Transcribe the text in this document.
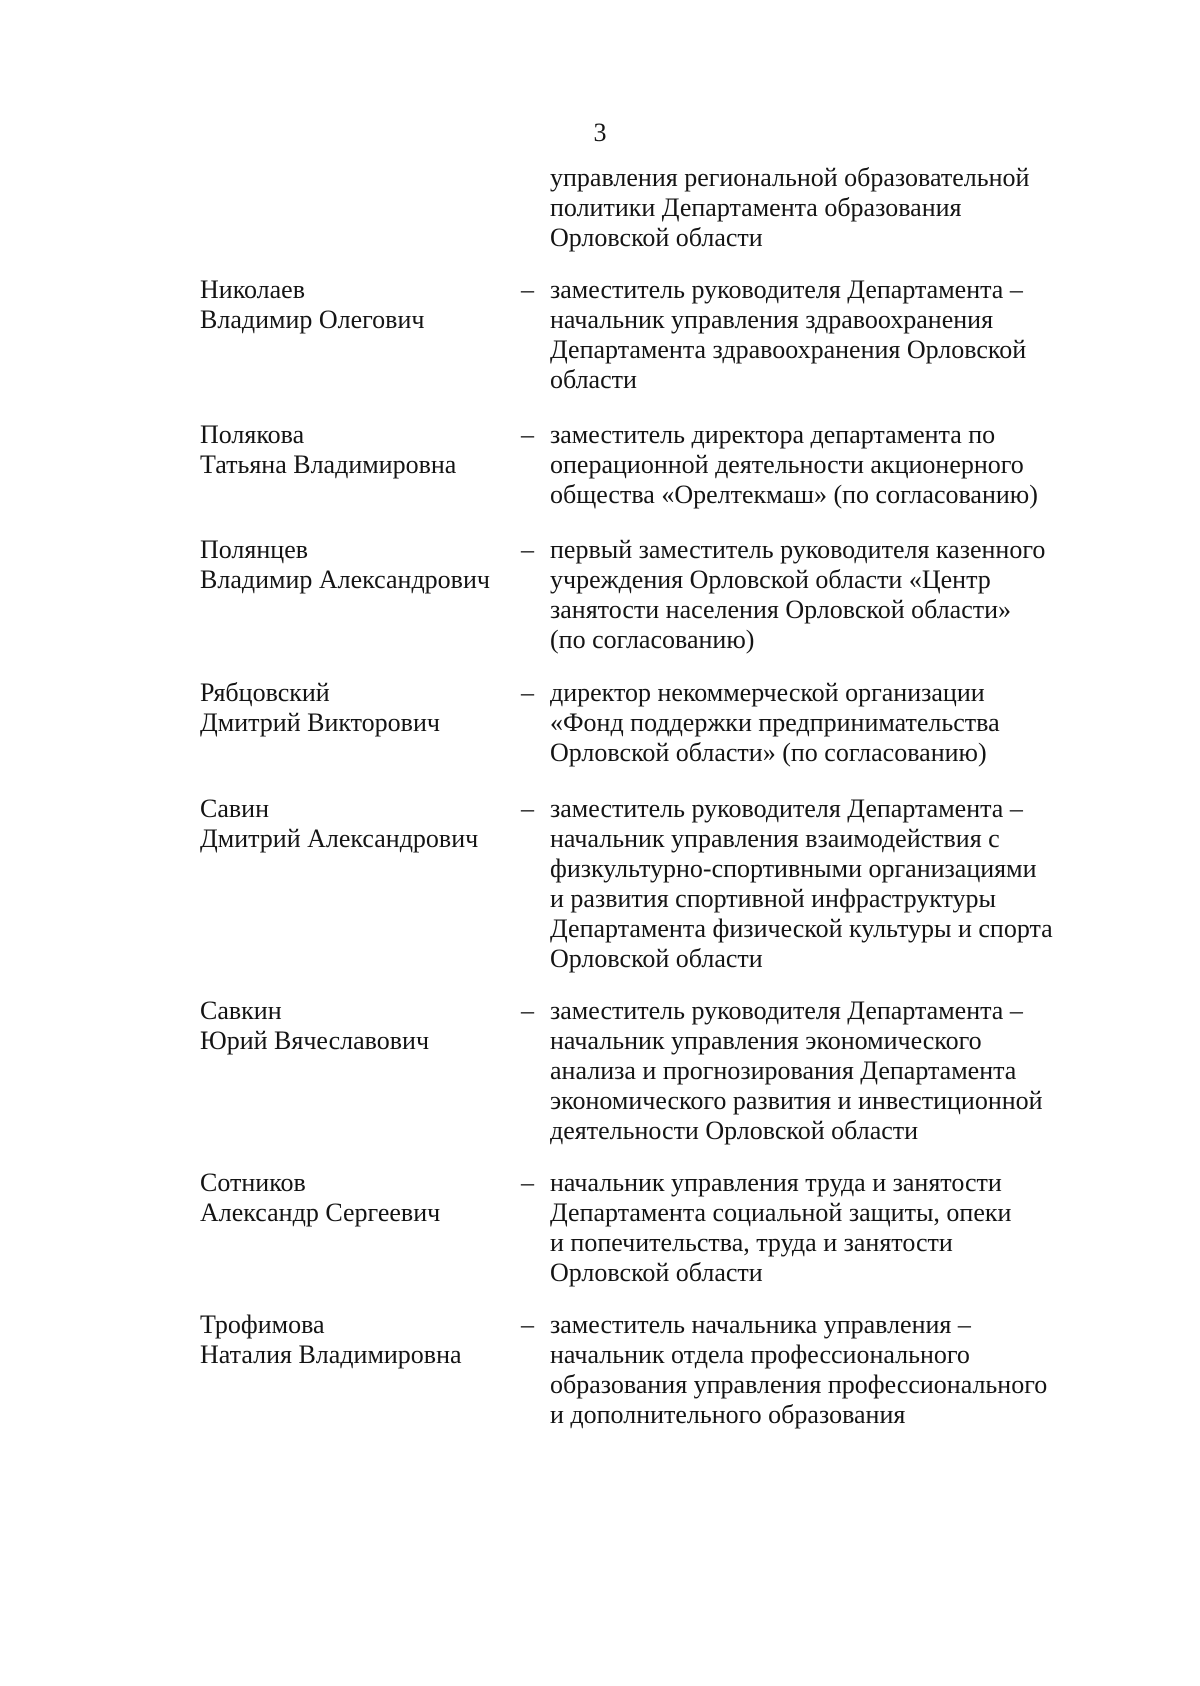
3
управления региональной образовательной
политики Департамента образования
Орловской области
Николаев
Владимир Олегович
– заместитель руководителя Департамента –
начальник управления здравоохранения
Департамента здравоохранения Орловской
области
Полякова
Татьяна Владимировна
– заместитель директора департамента по
операционной деятельности акционерного
общества «Орелтекмаш» (по согласованию)
Полянцев
Владимир Александрович
– первый заместитель руководителя казенного
учреждения Орловской области «Центр
занятости населения Орловской области»
(по согласованию)
Рябцовский
Дмитрий Викторович
– директор некоммерческой организации
«Фонд поддержки предпринимательства
Орловской области» (по согласованию)
Савин
Дмитрий Александрович
– заместитель руководителя Департамента –
начальник управления взаимодействия с
физкультурно-спортивными организациями
и развития спортивной инфраструктуры
Департамента физической культуры и спорта
Орловской области
Савкин
Юрий Вячеславович
– заместитель руководителя Департамента –
начальник управления экономического
анализа и прогнозирования Департамента
экономического развития и инвестиционной
деятельности Орловской области
Сотников
Александр Сергеевич
– начальник управления труда и занятости
Департамента социальной защиты, опеки
и попечительства, труда и занятости
Орловской области
Трофимова
Наталия Владимировна
– заместитель начальника управления –
начальник отдела профессионального
образования управления профессионального
и дополнительного образования
